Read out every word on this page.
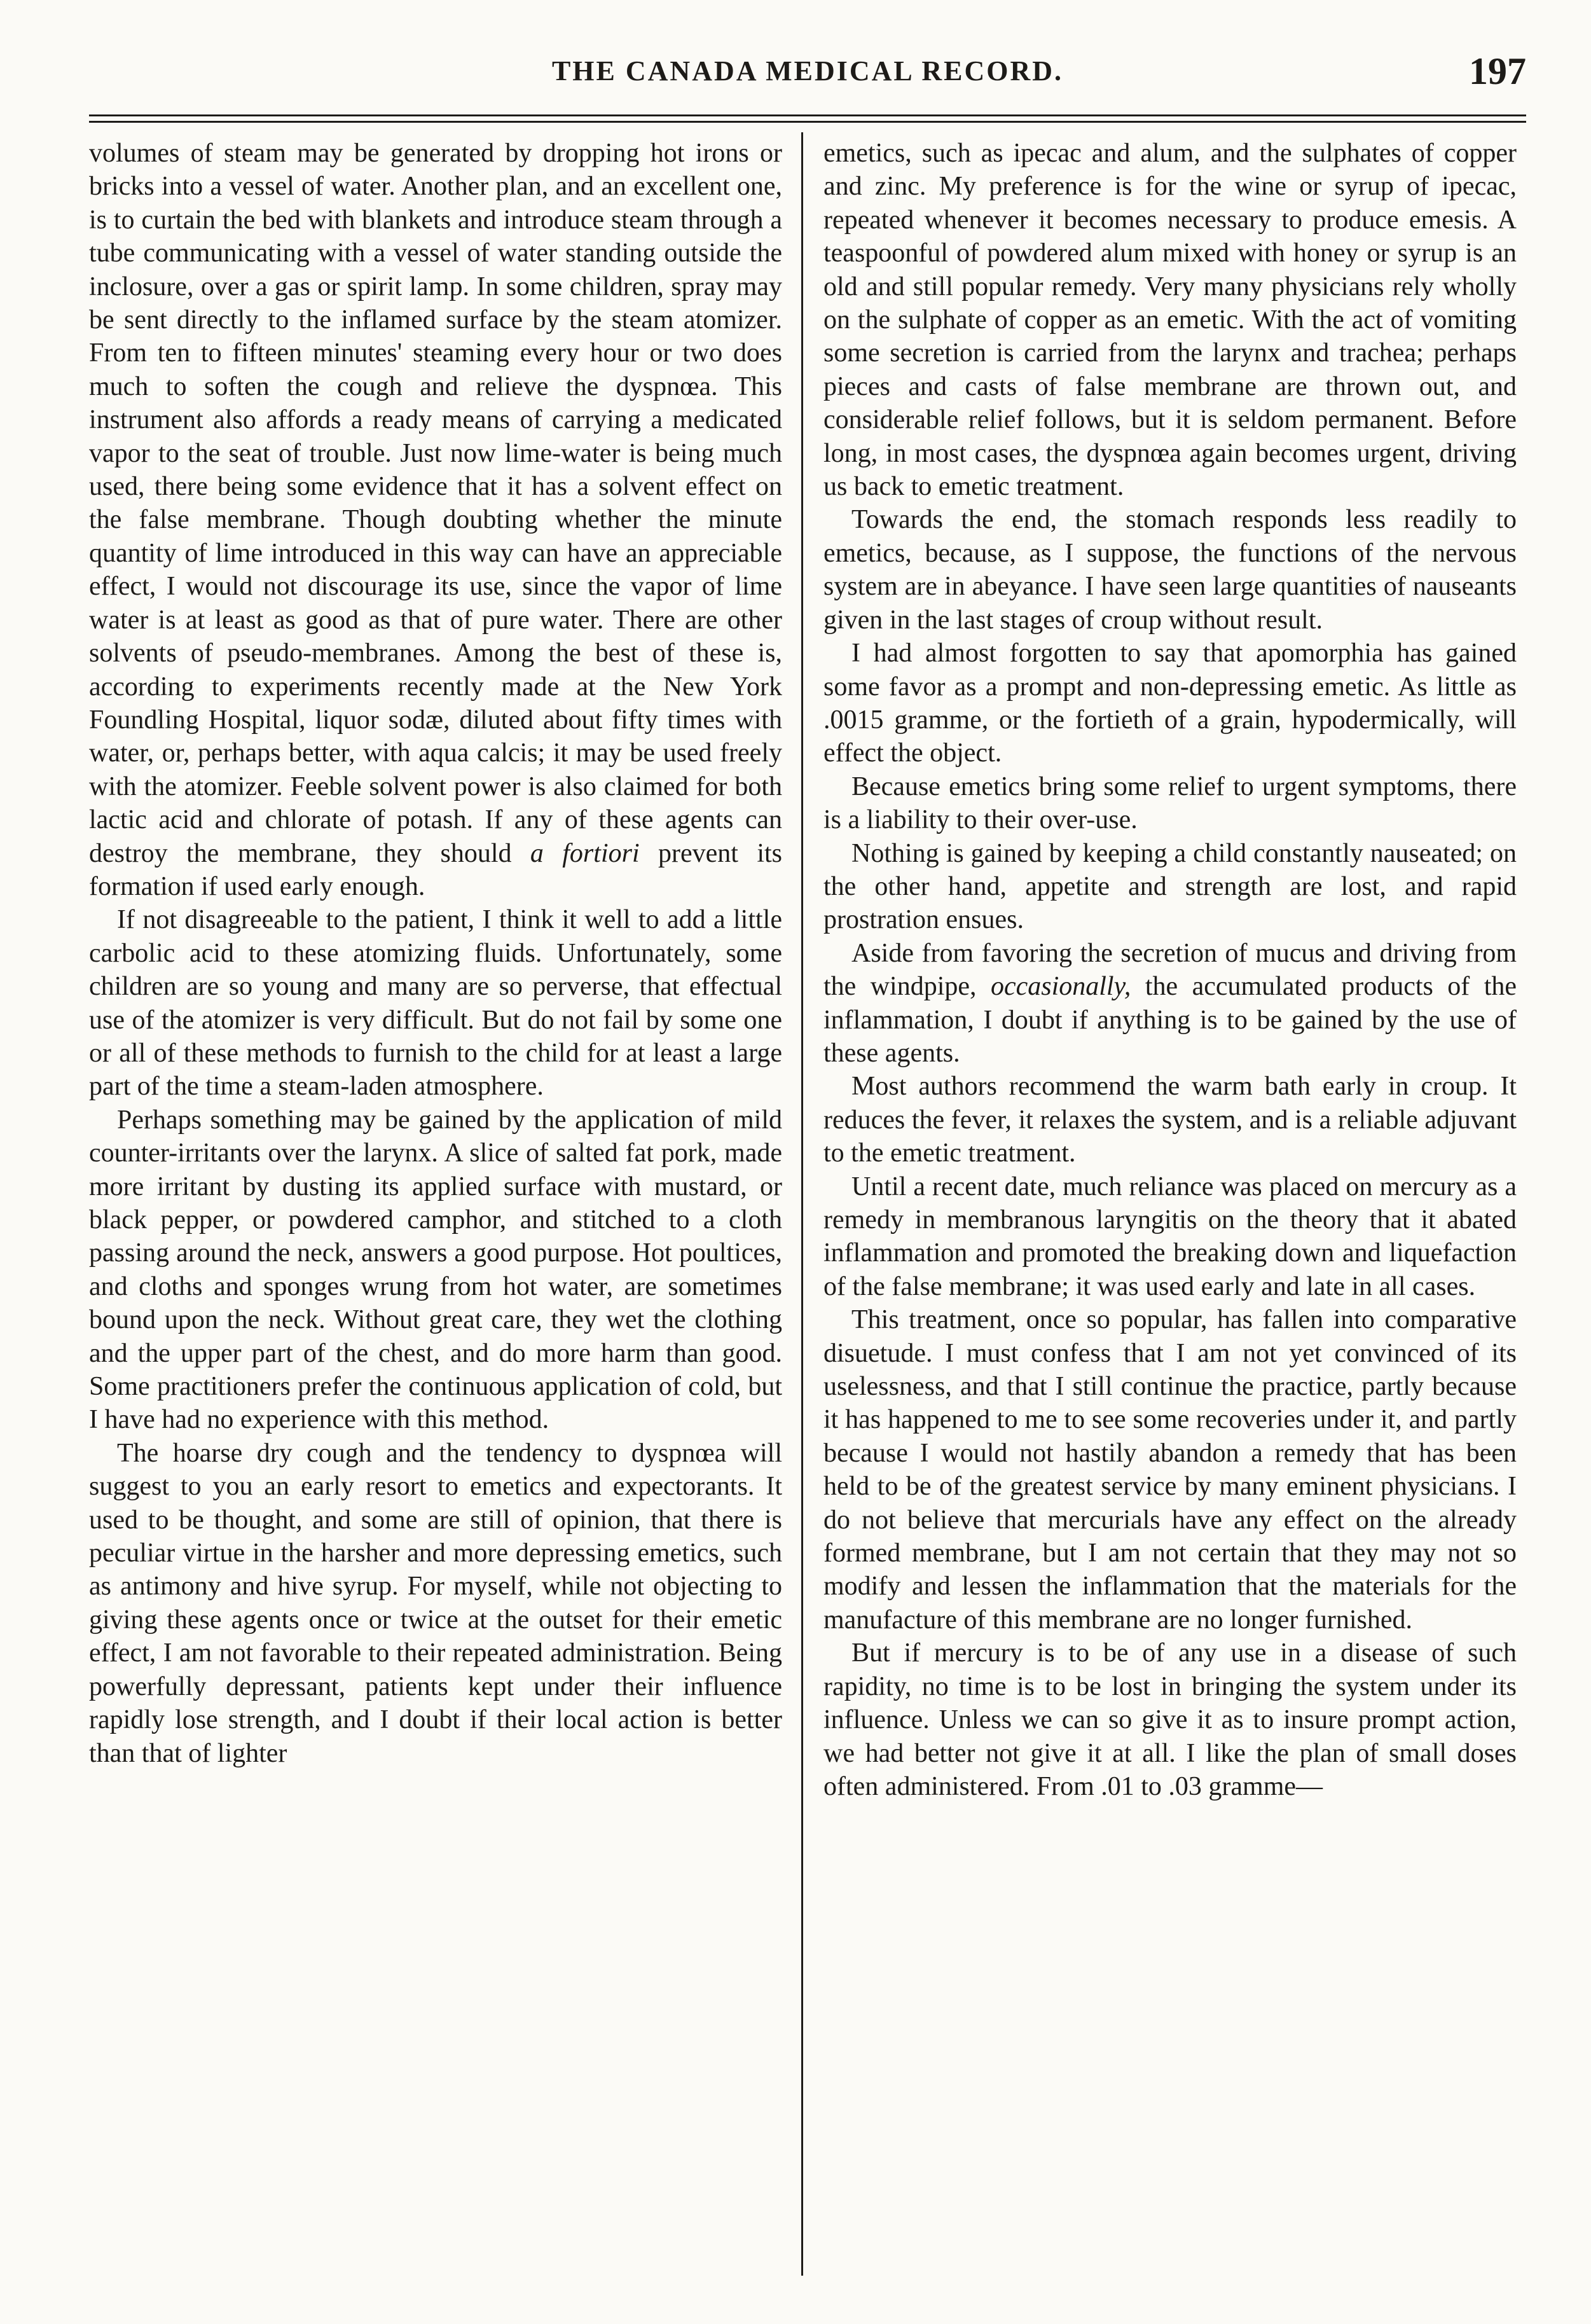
THE CANADA MEDICAL RECORD.	197

volumes of steam may be generated by dropping hot irons or bricks into a vessel of water. Another plan, and an excellent one, is to curtain the bed with blankets and introduce steam through a tube communicating with a vessel of water standing outside the inclosure, over a gas or spirit lamp. In some children, spray may be sent directly to the inflamed surface by the steam atomizer. From ten to fifteen minutes' steaming every hour or two does much to soften the cough and relieve the dyspnœa. This instrument also affords a ready means of carrying a medicated vapor to the seat of trouble. Just now lime-water is being much used, there being some evidence that it has a solvent effect on the false membrane. Though doubting whether the minute quantity of lime introduced in this way can have an appreciable effect, I would not discourage its use, since the vapor of lime water is at least as good as that of pure water. There are other solvents of pseudo-membranes. Among the best of these is, according to experiments recently made at the New York Foundling Hospital, liquor sodæ, diluted about fifty times with water, or, perhaps better, with aqua calcis; it may be used freely with the atomizer. Feeble solvent power is also claimed for both lactic acid and chlorate of potash. If any of these agents can destroy the membrane, they should a fortiori prevent its formation if used early enough.

If not disagreeable to the patient, I think it well to add a little carbolic acid to these atomizing fluids. Unfortunately, some children are so young and many are so perverse, that effectual use of the atomizer is very difficult. But do not fail by some one or all of these methods to furnish to the child for at least a large part of the time a steam-laden atmosphere.

Perhaps something may be gained by the application of mild counter-irritants over the larynx. A slice of salted fat pork, made more irritant by dusting its applied surface with mustard, or black pepper, or powdered camphor, and stitched to a cloth passing around the neck, answers a good purpose. Hot poultices, and cloths and sponges wrung from hot water, are sometimes bound upon the neck. Without great care, they wet the clothing and the upper part of the chest, and do more harm than good. Some practitioners prefer the continuous application of cold, but I have had no experience with this method.

The hoarse dry cough and the tendency to dyspnœa will suggest to you an early resort to emetics and expectorants. It used to be thought, and some are still of opinion, that there is peculiar virtue in the harsher and more depressing emetics, such as antimony and hive syrup. For myself, while not objecting to giving these agents once or twice at the outset for their emetic effect, I am not favorable to their repeated administration. Being powerfully depressant, patients kept under their influence rapidly lose strength, and I doubt if their local action is better than that of lighter

emetics, such as ipecac and alum, and the sulphates of copper and zinc. My preference is for the wine or syrup of ipecac, repeated whenever it becomes necessary to produce emesis. A teaspoonful of powdered alum mixed with honey or syrup is an old and still popular remedy. Very many physicians rely wholly on the sulphate of copper as an emetic. With the act of vomiting some secretion is carried from the larynx and trachea; perhaps pieces and casts of false membrane are thrown out, and considerable relief follows, but it is seldom permanent. Before long, in most cases, the dyspnœa again becomes urgent, driving us back to emetic treatment.

Towards the end, the stomach responds less readily to emetics, because, as I suppose, the functions of the nervous system are in abeyance. I have seen large quantities of nauseants given in the last stages of croup without result.

I had almost forgotten to say that apomorphia has gained some favor as a prompt and non-depressing emetic. As little as .0015 gramme, or the fortieth of a grain, hypodermically, will effect the object.

Because emetics bring some relief to urgent symptoms, there is a liability to their over-use.

Nothing is gained by keeping a child constantly nauseated; on the other hand, appetite and strength are lost, and rapid prostration ensues.

Aside from favoring the secretion of mucus and driving from the windpipe, occasionally, the accumulated products of the inflammation, I doubt if anything is to be gained by the use of these agents.

Most authors recommend the warm bath early in croup. It reduces the fever, it relaxes the system, and is a reliable adjuvant to the emetic treatment.

Until a recent date, much reliance was placed on mercury as a remedy in membranous laryngitis on the theory that it abated inflammation and promoted the breaking down and liquefaction of the false membrane; it was used early and late in all cases.

This treatment, once so popular, has fallen into comparative disuetude. I must confess that I am not yet convinced of its uselessness, and that I still continue the practice, partly because it has happened to me to see some recoveries under it, and partly because I would not hastily abandon a remedy that has been held to be of the greatest service by many eminent physicians. I do not believe that mercurials have any effect on the already formed membrane, but I am not certain that they may not so modify and lessen the inflammation that the materials for the manufacture of this membrane are no longer furnished.

But if mercury is to be of any use in a disease of such rapidity, no time is to be lost in bringing the system under its influence. Unless we can so give it as to insure prompt action, we had better not give it at all. I like the plan of small doses often administered. From .01 to .03 gramme—
